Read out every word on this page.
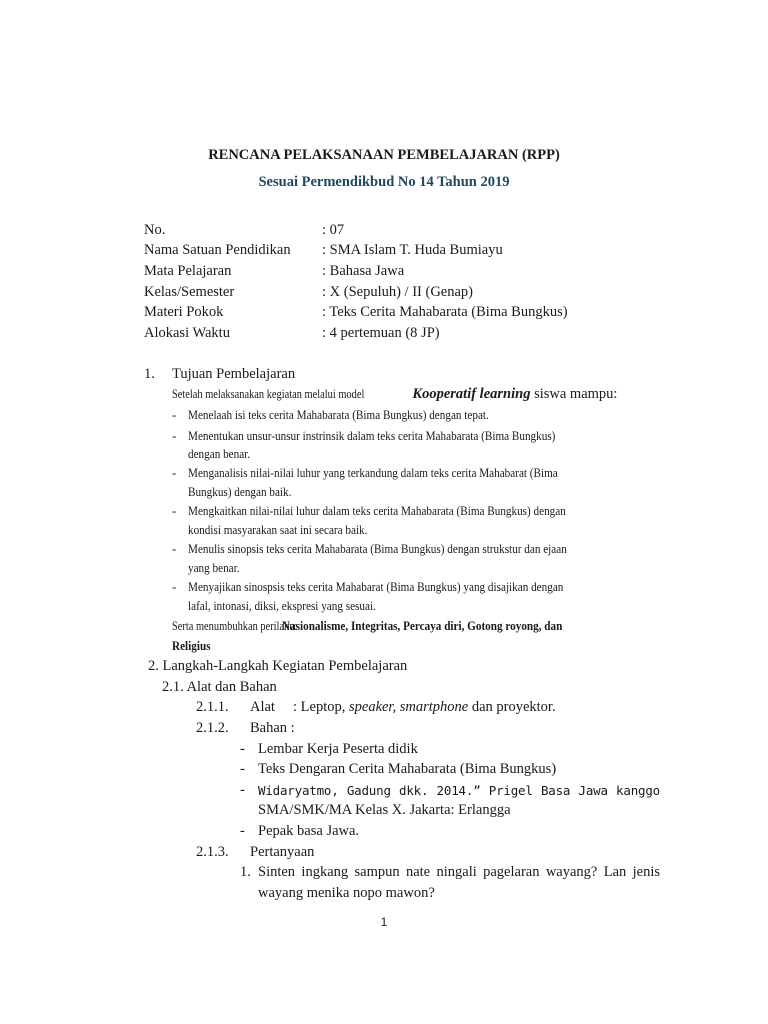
RENCANA PELAKSANAAN PEMBELAJARAN (RPP)
Sesuai Permendikbud No 14 Tahun 2019
No.	: 07
Nama Satuan Pendidikan : SMA Islam T. Huda Bumiayu
Mata Pelajaran	: Bahasa Jawa
Kelas/Semester	: X (Sepuluh) / II (Genap)
Materi Pokok	: Teks Cerita Mahabarata (Bima Bungkus)
Alokasi Waktu	: 4 pertemuan (8 JP)
1. Tujuan Pembelajaran
Setelah melaksanakan kegiatan melalui model	Kooperatif learning siswa mampu:
- Menelaah isi teks cerita Mahabarata (Bima Bungkus) dengan tepat.
- Menentukan unsur-unsur instrinsik dalam teks cerita Mahabarata (Bima Bungkus)
dengan benar.
- Menganalisis nilai-nilai luhur yang terkandung dalam teks cerita Mahabarat (Bima
Bungkus) dengan baik.
- Mengkaitkan nilai-nilai luhur dalam teks cerita Mahabarata (Bima Bungkus) dengan
kondisi masyarakan saat ini secara baik.
- Menulis sinopsis teks cerita Mahabarata (Bima Bungkus) dengan strukstur dan ejaan
yang benar.
- Menyajikan sinospsis teks cerita Mahabarat (Bima Bungkus) yang disajikan dengan
lafal, intonasi, diksi, ekspresi yang sesuai.
Serta menumbuhkan perilaku:Nasionalisme, Integritas, Percaya diri, Gotong royong, dan
Religius
2. Langkah-Langkah Kegiatan Pembelajaran
2.1. Alat dan Bahan
2.1.1. Alat : Leptop, speaker, smartphone dan proyektor.
2.1.2. Bahan :
- Lembar Kerja Peserta didik
- Teks Dengaran Cerita Mahabarata (Bima Bungkus)
- Widaryatmo, Gadung dkk. 2014.” Prigel Basa Jawa kanggo
SMA/SMK/MA Kelas X. Jakarta: Erlangga
- Pepak basa Jawa.
2.1.3. Pertanyaan
1. Sinten ingkang sampun nate ningali pagelaran wayang? Lan jenis
wayang menika nopo mawon?
1
